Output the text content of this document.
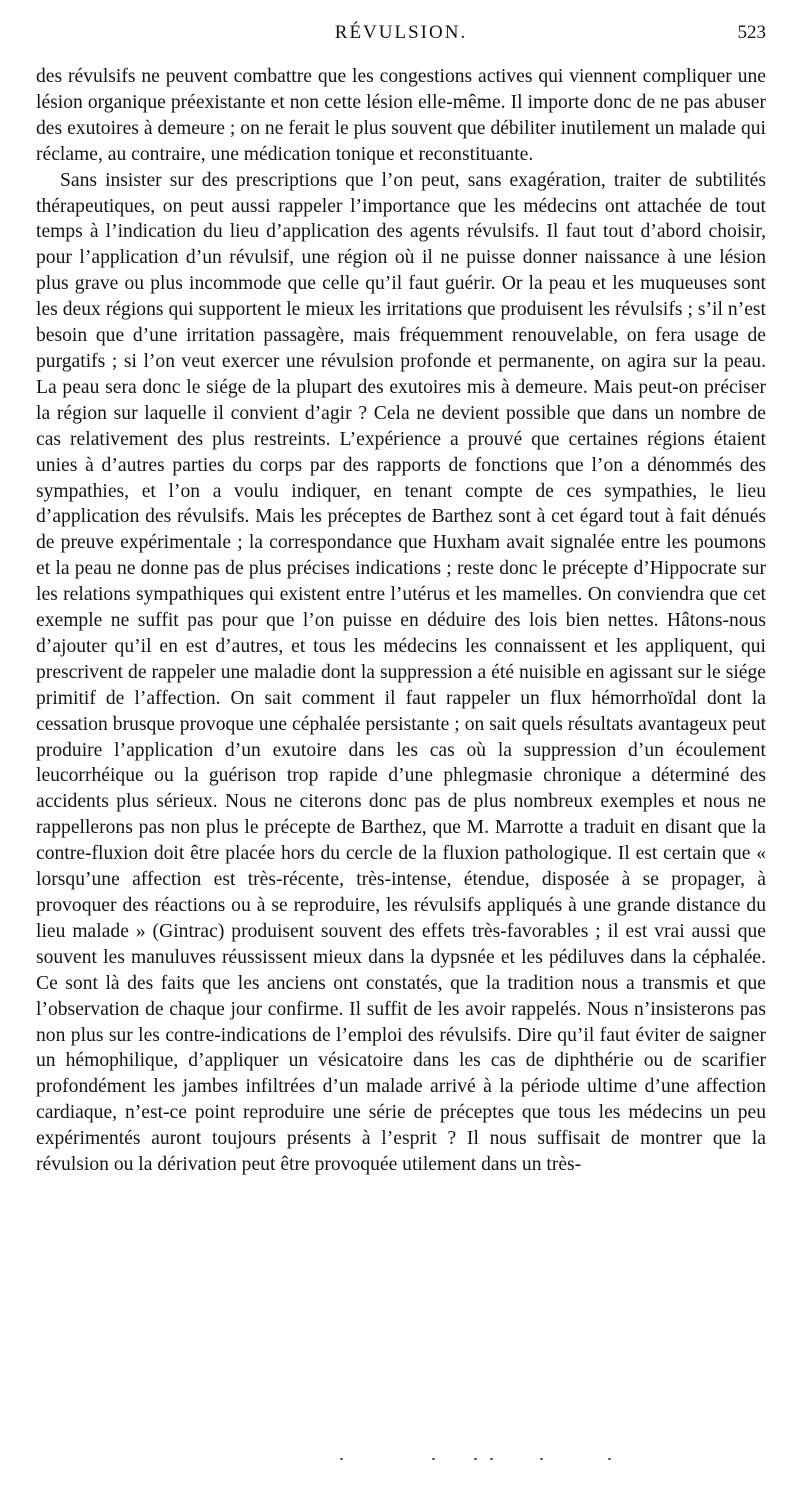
RÉVULSION.	523

des révulsifs ne peuvent combattre que les congestions actives qui viennent compliquer une lésion organique préexistante et non cette lésion elle-même. Il importe donc de ne pas abuser des exutoires à demeure ; on ne ferait le plus souvent que débiliter inutilement un malade qui réclame, au contraire, une médication tonique et reconstituante.

Sans insister sur des prescriptions que l’on peut, sans exagération, traiter de subtilités thérapeutiques, on peut aussi rappeler l’importance que les médecins ont attachée de tout temps à l’indication du lieu d’application des agents révulsifs. Il faut tout d’abord choisir, pour l’application d’un révulsif, une région où il ne puisse donner naissance à une lésion plus grave ou plus incommode que celle qu’il faut guérir. Or la peau et les muqueuses sont les deux régions qui supportent le mieux les irritations que produisent les révulsifs ; s’il n’est besoin que d’une irritation passagère, mais fréquemment renouvelable, on fera usage de purgatifs ; si l’on veut exercer une révulsion profonde et permanente, on agira sur la peau. La peau sera donc le siége de la plupart des exutoires mis à demeure. Mais peut-on préciser la région sur laquelle il convient d’agir ? Cela ne devient possible que dans un nombre de cas relativement des plus restreints. L’expérience a prouvé que certaines régions étaient unies à d’autres parties du corps par des rapports de fonctions que l’on a dénommés des sympathies, et l’on a voulu indiquer, en tenant compte de ces sympathies, le lieu d’application des révulsifs. Mais les préceptes de Barthez sont à cet égard tout à fait dénués de preuve expérimentale ; la correspondance que Huxham avait signalée entre les poumons et la peau ne donne pas de plus précises indications ; reste donc le précepte d’Hippocrate sur les relations sympathiques qui existent entre l’utérus et les mamelles. On conviendra que cet exemple ne suffit pas pour que l’on puisse en déduire des lois bien nettes. Hâtons-nous d’ajouter qu’il en est d’autres, et tous les médecins les connaissent et les appliquent, qui prescrivent de rappeler une maladie dont la suppression a été nuisible en agissant sur le siége primitif de l’affection. On sait comment il faut rappeler un flux hémorrhoïdal dont la cessation brusque provoque une céphalée persistante ; on sait quels résultats avantageux peut produire l’application d’un exutoire dans les cas où la suppression d’un écoulement leucorrhéique ou la guérison trop rapide d’une phlegmasie chronique a déterminé des accidents plus sérieux. Nous ne citerons donc pas de plus nombreux exemples et nous ne rappellerons pas non plus le précepte de Barthez, que M. Marrotte a traduit en disant que la contre-fluxion doit être placée hors du cercle de la fluxion pathologique. Il est certain que « lorsqu’une affection est très-récente, très-intense, étendue, disposée à se propager, à provoquer des réactions ou à se reproduire, les révulsifs appliqués à une grande distance du lieu malade » (Gintrac) produisent souvent des effets très-favorables ; il est vrai aussi que souvent les manuluves réussissent mieux dans la dypsnée et les pédiluves dans la céphalée. Ce sont là des faits que les anciens ont constatés, que la tradition nous a transmis et que l’observation de chaque jour confirme. Il suffit de les avoir rappelés. Nous n’insisterons pas non plus sur les contre-indications de l’emploi des révulsifs. Dire qu’il faut éviter de saigner un hémophilique, d’appliquer un vésicatoire dans les cas de diphthérie ou de scarifier profondément les jambes infiltrées d’un malade arrivé à la période ultime d’une affection cardiaque, n’est-ce point reproduire une série de préceptes que tous les médecins un peu expérimentés auront toujours présents à l’esprit ? Il nous suffisait de montrer que la révulsion ou la dérivation peut être provoquée utilement dans un très-
